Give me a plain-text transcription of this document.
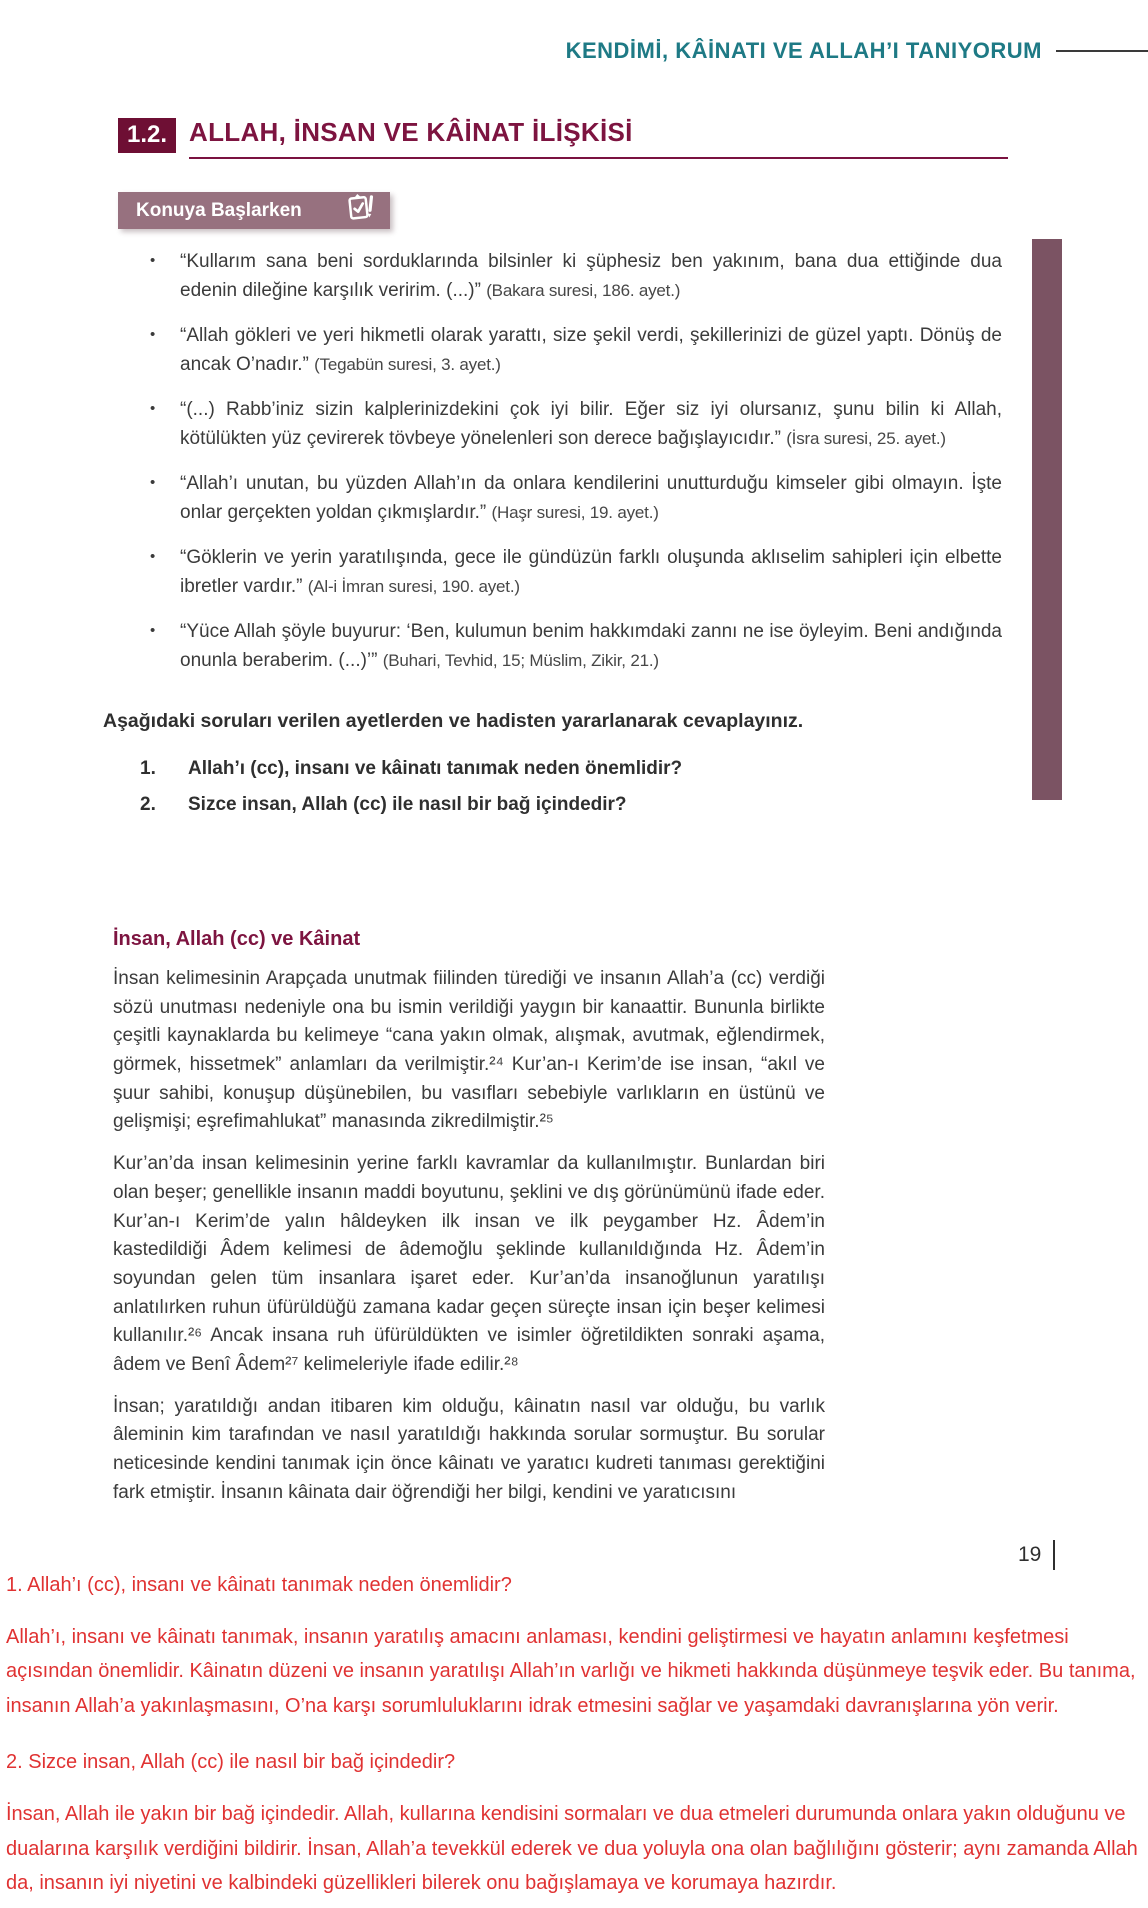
KENDİMİ, KÂİNATI VE ALLAH’I TANIYORUM
1.2. ALLAH, İNSAN VE KÂİNAT İLİŞKİSİ
Konuya Başlarken
•	“Kullarım sana beni sorduklarında bilsinler ki şüphesiz ben yakınım, bana dua ettiğinde dua edenin dileğine karşılık veririm. (...)” (Bakara suresi, 186. ayet.)
•	“Allah gökleri ve yeri hikmetli olarak yarattı, size şekil verdi, şekillerinizi de güzel yaptı. Dönüş de ancak O’nadır.” (Tegabün suresi, 3. ayet.)
•	“(...) Rabb’iniz sizin kalplerinizdekini çok iyi bilir. Eğer siz iyi olursanız, şunu bilin ki Allah, kötülükten yüz çevirerek tövbeye yönelenleri son derece bağışlayıcıdır.” (İsra suresi, 25. ayet.)
•	“Allah’ı unutan, bu yüzden Allah’ın da onlara kendilerini unutturduğu kimseler gibi olmayın. İşte onlar gerçekten yoldan çıkmışlardır.” (Haşr suresi, 19. ayet.)
•	“Göklerin ve yerin yaratılışında, gece ile gündüzün farklı oluşunda aklıselim sahipleri için elbette ibretler vardır.” (Al-i İmran suresi, 190. ayet.)
•	“Yüce Allah şöyle buyurur: ‘Ben, kulumun benim hakkımdaki zannı ne ise öyleyim. Beni andığında onunla beraberim. (...)’” (Buhari, Tevhid, 15; Müslim, Zikir, 21.)
Aşağıdaki soruları verilen ayetlerden ve hadisten yararlanarak cevaplayınız.
1.	Allah’ı (cc), insanı ve kâinatı tanımak neden önemlidir?
2.	Sizce insan, Allah (cc) ile nasıl bir bağ içindedir?
İnsan, Allah (cc) ve Kâinat

İnsan kelimesinin Arapçada unutmak fiilinden türediği ve insanın Allah’a (cc) verdiği sözü unutması nedeniyle ona bu ismin verildiği yaygın bir kanaattir. Bununla birlikte çeşitli kaynaklarda bu kelimeye “cana yakın olmak, alışmak, avutmak, eğlendirmek, görmek, hissetmek” anlamları da verilmiştir.²⁴ Kur’an-ı Kerim’de ise insan, “akıl ve şuur sahibi, konuşup düşünebilen, bu vasıfları sebebiyle varlıkların en üstünü ve gelişmişi; eşrefimahlukat” manasında zikredilmiştir.²⁵

Kur’an’da insan kelimesinin yerine farklı kavramlar da kullanılmıştır. Bunlardan biri olan beşer; genellikle insanın maddi boyutunu, şeklini ve dış görünümünü ifade eder. Kur’an-ı Kerim’de yalın hâldeyken ilk insan ve ilk peygamber Hz. Âdem’in kastedildiği Âdem kelimesi de âdemoğlu şeklinde kullanıldığında Hz. Âdem’in soyundan gelen tüm insanlara işaret eder. Kur’an’da insanoğlunun yaratılışı anlatılırken ruhun üfürüldüğü zamana kadar geçen süreçte insan için beşer kelimesi kullanılır.²⁶ Ancak insana ruh üfürüldükten ve isimler öğretildikten sonraki aşama, âdem ve Benî Âdem²⁷ kelimeleriyle ifade edilir.²⁸

İnsan; yaratıldığı andan itibaren kim olduğu, kâinatın nasıl var olduğu, bu varlık âleminin kim tarafından ve nasıl yaratıldığı hakkında sorular sormuştur. Bu sorular neticesinde kendini tanımak için önce kâinatı ve yaratıcı kudreti tanıması gerektiğini fark etmiştir. İnsanın kâinata dair öğrendiği her bilgi, kendini ve yaratıcısını

19
1. Allah’ı (cc), insanı ve kâinatı tanımak neden önemlidir?
Allah’ı, insanı ve kâinatı tanımak, insanın yaratılış amacını anlaması, kendini geliştirmesi ve hayatın anlamını keşfetmesi açısından önemlidir. Kâinatın düzeni ve insanın yaratılışı Allah’ın varlığı ve hikmeti hakkında düşünmeye teşvik eder. Bu tanıma, insanın Allah’a yakınlaşmasını, O’na karşı sorumluluklarını idrak etmesini sağlar ve yaşamdaki davranışlarına yön verir.
2. Sizce insan, Allah (cc) ile nasıl bir bağ içindedir?
İnsan, Allah ile yakın bir bağ içindedir. Allah, kullarına kendisini sormaları ve dua etmeleri durumunda onlara yakın olduğunu ve dualarına karşılık verdiğini bildirir. İnsan, Allah’a tevekkül ederek ve dua yoluyla ona olan bağlılığını gösterir; aynı zamanda Allah da, insanın iyi niyetini ve kalbindeki güzellikleri bilerek onu bağışlamaya ve korumaya hazırdır.
